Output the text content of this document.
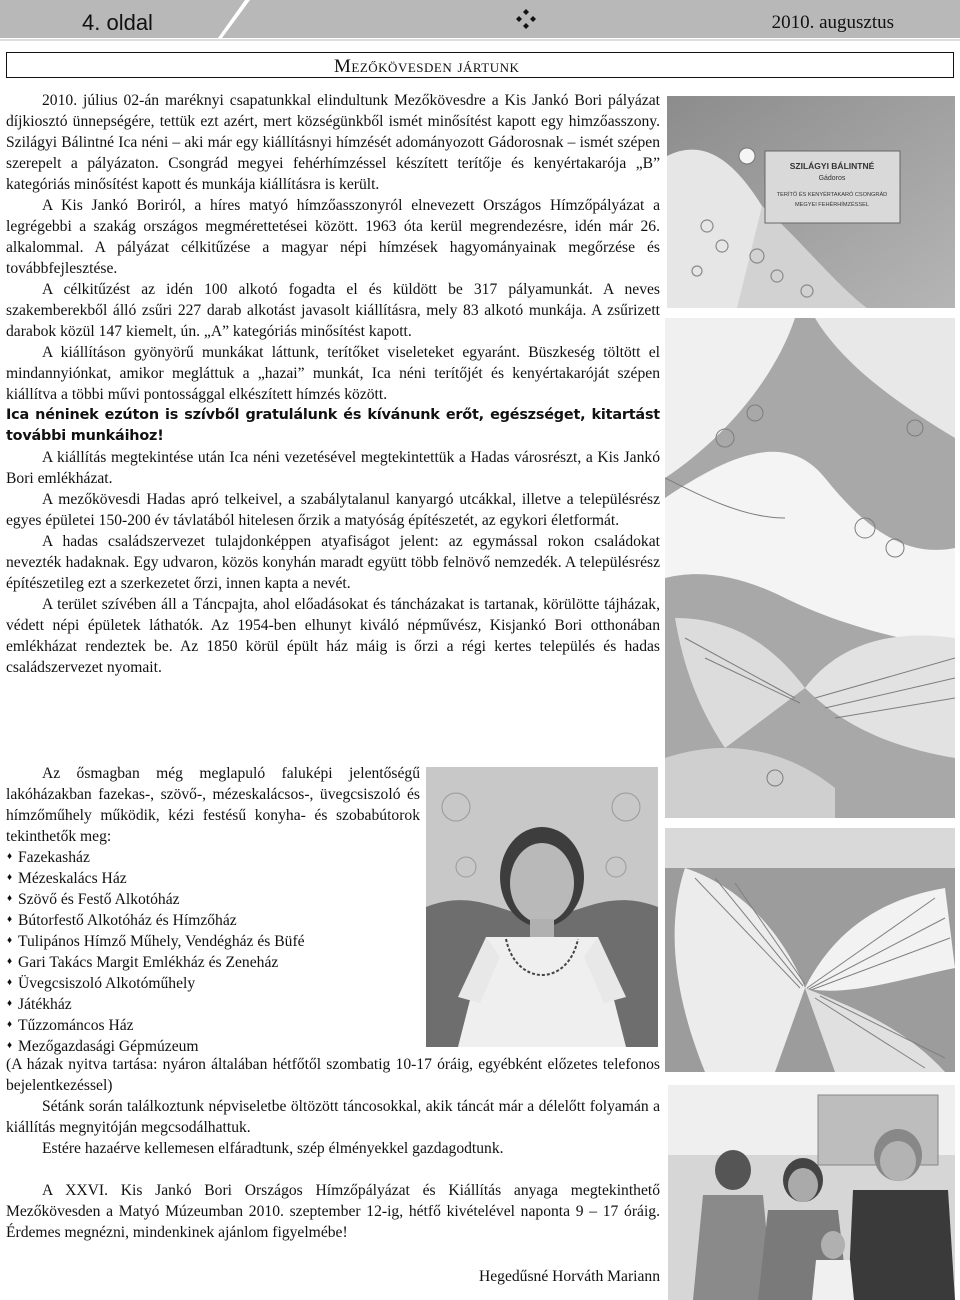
4. oldal	2010. augusztus
Mezőkövesden jártunk

2010. július 02-án maréknyi csapatunkkal elindultunk Mezőkövesdre a Kis Jankó Bori pályázat díjkiosztó ünnepségére, tettük ezt azért, mert községünkből ismét minősítést kapott egy himzőasszony. Szilágyi Bálintné Ica néni – aki már egy kiállításnyi hímzését adományozott Gádorosnak – ismét szépen szerepelt a pályázaton. Csongrád megyei fehérhímzéssel készített terítője és kenyértakarója „B” kategóriás minősítést kapott és munkája kiállításra is került.

A Kis Jankó Boriról, a híres matyó hímzőasszonyról elnevezett Országos Hímzőpályázat a legrégebbi a szakág országos megmérettetései között. 1963 óta kerül megrendezésre, idén már 26. alkalommal. A pályázat célkitűzése a magyar népi hímzések hagyományainak megőrzése és továbbfejlesztése.

A célkitűzést az idén 100 alkotó fogadta el és küldött be 317 pályamunkát. A neves szakemberekből álló zsűri 227 darab alkotást javasolt kiállításra, mely 83 alkotó munkája. A zsűrizett darabok közül 147 kiemelt, ún. „A” kategóriás minősítést kapott.

A kiállításon gyönyörű munkákat láttunk, terítőket viseleteket egyaránt. Büszkeség töltött el mindannyiónkat, amikor megláttuk a „hazai” munkát, Ica néni terítőjét és kenyértakaróját szépen kiállítva a többi művi pontossággal elkészített hímzés között.

Ica néninek ezúton is szívből gratulálunk és kívánunk erőt, egészséget, kitartást további munkáihoz!

A kiállítás megtekintése után Ica néni vezetésével megtekintettük a Hadas városrészt, a Kis Jankó Bori emlékházat.

A mezőkövesdi Hadas apró telkeivel, a szabálytalanul kanyargó utcákkal, illetve a településrész egyes épületei 150-200 év távlatából hitelesen őrzik a matyóság építészetét, az egykori életformát.

A hadas családszervezet tulajdonképpen atyafiságot jelent: az egymással rokon családokat nevezték hadaknak. Egy udvaron, közös konyhán maradt együtt több felnövő nemzedék. A településrész építészetileg ezt a szerkezetet őrzi, innen kapta a nevét.

A terület szívében áll a Táncpajta, ahol előadásokat és táncházakat is tartanak, körülötte tájházak, védett népi épületek láthatók. Az 1954-ben elhunyt kiváló népművész, Kisjankó Bori otthonában emlékházat rendeztek be. Az 1850 körül épült ház máig is őrzi a régi kertes település és hadas családszervezet nyomait.

Az ősmagban még meglapuló faluképi jelentőségű lakóházakban fazekas-, szövő-, mézeskalácsos-, üvegcsiszoló és hímzőműhely működik, kézi festésű konyha- és szobabútorok tekinthetők meg:

♦ Fazekasház
♦ Mézeskalács Ház
♦ Szövő és Festő Alkotóház
♦ Bútorfestő Alkotóház és Hímzőház
♦ Tulipános Hímző Műhely, Vendégház és Büfé
♦ Gari Takács Margit Emlékház és Zeneház
♦ Üvegcsiszoló Alkotóműhely
♦ Játékház
♦ Tűzzománcos Ház
♦ Mezőgazdasági Gépmúzeum

(A házak nyitva tartása: nyáron általában hétfőtől szombatig 10-17 óráig, egyébként előzetes telefonos bejelentkezéssel)

Sétánk során találkoztunk népviseletbe öltözött táncosokkal, akik táncát már a délelőtt folyamán a kiállítás megnyitóján megcsodálhattuk.

Estére hazaérve kellemesen elfáradtunk, szép élményekkel gazdagodtunk.

A XXVI. Kis Jankó Bori Országos Hímzőpályázat és Kiállítás anyaga megtekinthető Mezőkövesden a Matyó Múzeumban 2010. szeptember 12-ig, hétfő kivételével naponta 9 – 17 óráig. Érdemes megnézni, mindenkinek ajánlom figyelmébe!

Hegedűsné Horváth Mariann
SZILÁGYI BÁLINTNÉ
Gádoros
TERÍTŐ ÉS KENYÉRTAKARÓ CSONGRÁD
MEGYEI FEHÉRHÍMZÉSSEL
